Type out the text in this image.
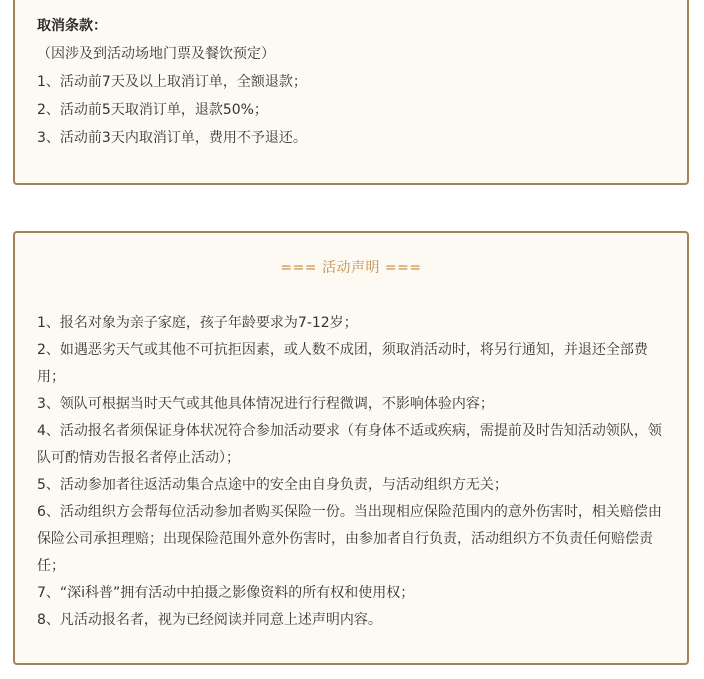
取消条款：

（因涉及到活动场地门票及餐饮预定）

1、活动前7天及以上取消订单，全额退款；

2、活动前5天取消订单，退款50%；

3、活动前3天内取消订单，费用不予退还。

=== 活动声明 ===

1、报名对象为亲子家庭，孩子年龄要求为7-12岁；

2、如遇恶劣天气或其他不可抗拒因素，或人数不成团，须取消活动时，将另行通知，并退还全部费用；

3、领队可根据当时天气或其他具体情况进行行程微调，不影响体验内容；

4、活动报名者须保证身体状况符合参加活动要求（有身体不适或疾病，需提前及时告知活动领队，领队可酌情劝告报名者停止活动）；

5、活动参加者往返活动集合点途中的安全由自身负责，与活动组织方无关；

6、活动组织方会帮每位活动参加者购买保险一份。当出现相应保险范围内的意外伤害时，相关赔偿由保险公司承担理赔；出现保险范围外意外伤害时，由参加者自行负责，活动组织方不负责任何赔偿责任；

7、“深i科普”拥有活动中拍摄之影像资料的所有权和使用权；

8、凡活动报名者，视为已经阅读并同意上述声明内容。
